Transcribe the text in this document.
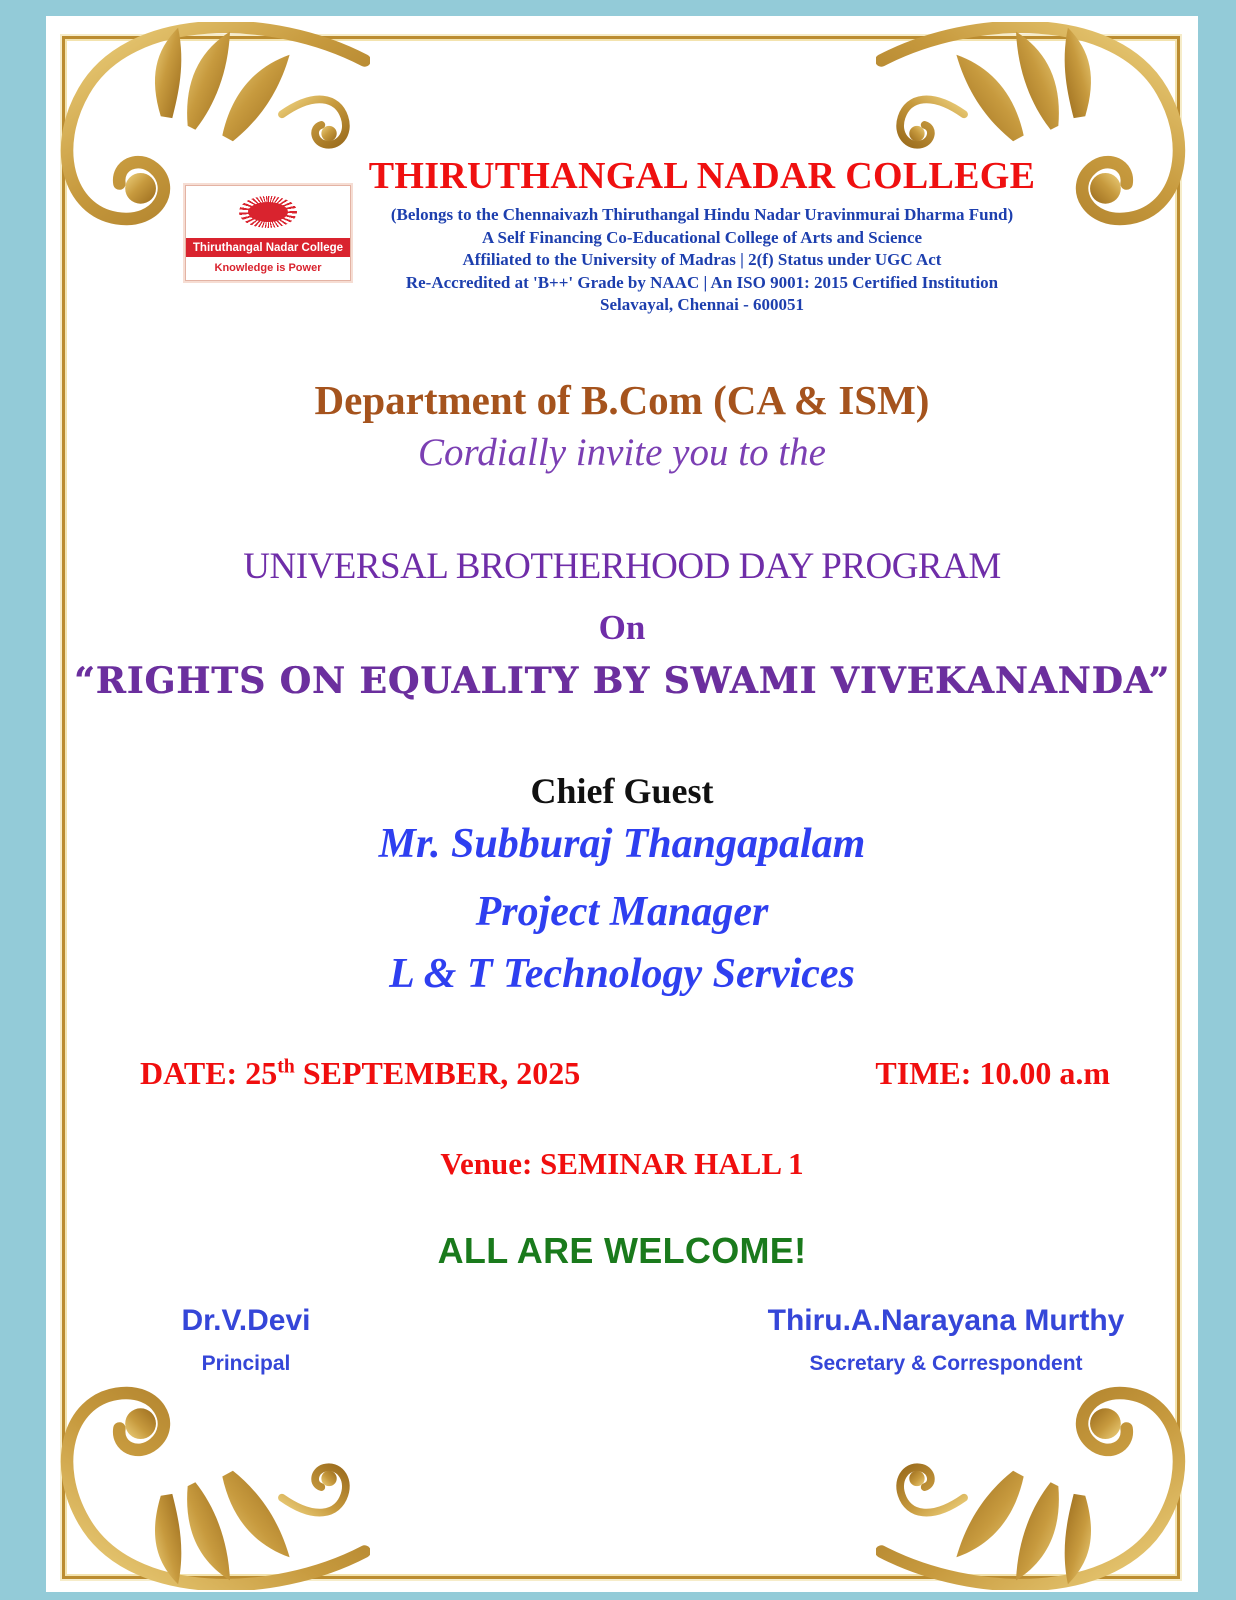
Thiruthangal Nadar College
Knowledge is Power
THIRUTHANGAL NADAR COLLEGE
(Belongs to the Chennaivazh Thiruthangal Hindu Nadar Uravinmurai Dharma Fund)
A Self Financing Co-Educational College of Arts and Science
Affiliated to the University of Madras | 2(f) Status under UGC Act
Re-Accredited at 'B++' Grade by NAAC | An ISO 9001: 2015 Certified Institution
Selavayal, Chennai - 600051
Department of B.Com (CA & ISM)
Cordially invite you to the
UNIVERSAL BROTHERHOOD DAY PROGRAM
On
“RIGHTS ON EQUALITY BY SWAMI VIVEKANANDA”
Chief Guest
Mr. Subburaj Thangapalam
Project Manager
L & T Technology Services
DATE: 25th SEPTEMBER, 2025	TIME: 10.00 a.m
Venue: SEMINAR HALL 1
ALL ARE WELCOME!
Dr.V.Devi
Principal
Thiru.A.Narayana Murthy
Secretary & Correspondent
